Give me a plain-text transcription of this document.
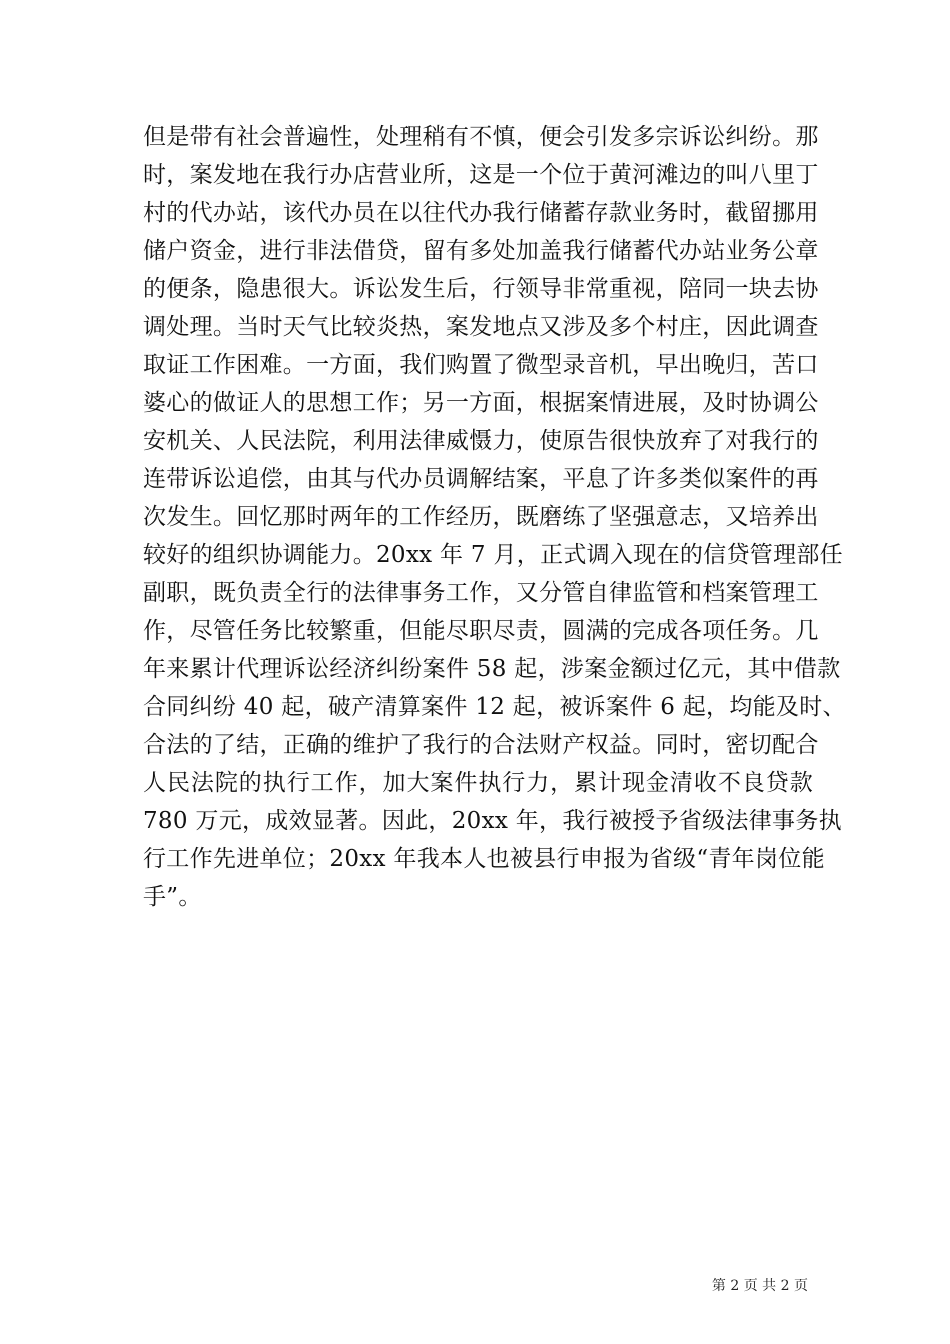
但是带有社会普遍性，处理稍有不慎，便会引发多宗诉讼纠纷。那
时，案发地在我行办店营业所，这是一个位于黄河滩边的叫八里丁
村的代办站，该代办员在以往代办我行储蓄存款业务时，截留挪用
储户资金，进行非法借贷，留有多处加盖我行储蓄代办站业务公章
的便条，隐患很大。诉讼发生后，行领导非常重视，陪同一块去协
调处理。当时天气比较炎热，案发地点又涉及多个村庄，因此调查
取证工作困难。一方面，我们购置了微型录音机，早出晚归，苦口
婆心的做证人的思想工作；另一方面，根据案情进展，及时协调公
安机关、人民法院，利用法律威慑力，使原告很快放弃了对我行的
连带诉讼追偿，由其与代办员调解结案，平息了许多类似案件的再
次发生。回忆那时两年的工作经历，既磨练了坚强意志，又培养出
较好的组织协调能力。20xx 年 7 月，正式调入现在的信贷管理部任
副职，既负责全行的法律事务工作，又分管自律监管和档案管理工
作，尽管任务比较繁重，但能尽职尽责，圆满的完成各项任务。几
年来累计代理诉讼经济纠纷案件 58 起，涉案金额过亿元，其中借款
合同纠纷 40 起，破产清算案件 12 起，被诉案件 6 起，均能及时、
合法的了结，正确的维护了我行的合法财产权益。同时，密切配合
人民法院的执行工作，加大案件执行力，累计现金清收不良贷款
780 万元，成效显著。因此，20xx 年，我行被授予省级法律事务执
行工作先进单位；20xx 年我本人也被县行申报为省级“青年岗位能
手”。
第 2 页 共 2 页
